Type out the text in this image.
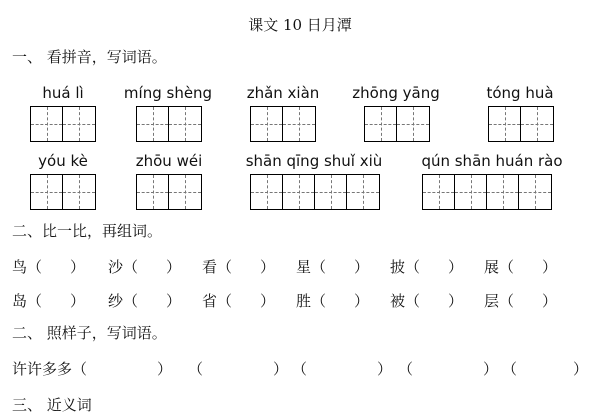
课文 10 日月潭
一、 看拼音，写词语。
huá lì	míng shèng	zhǎn xiàn	zhōng yāng	tóng huà
yóu kè	zhōu wéi	shān qīng shuǐ xiù	qún shān huán rào
二、比一比，再组词。
鸟（ ） 沙（ ） 看（ ） 星（ ） 披（ ） 展（ ）
岛（ ） 纱（ ） 省（ ） 胜（ ） 被（ ） 层（ ）
二、 照样子，写词语。
许许多多（	） （	） （	） （	） （	）
三、 近义词
